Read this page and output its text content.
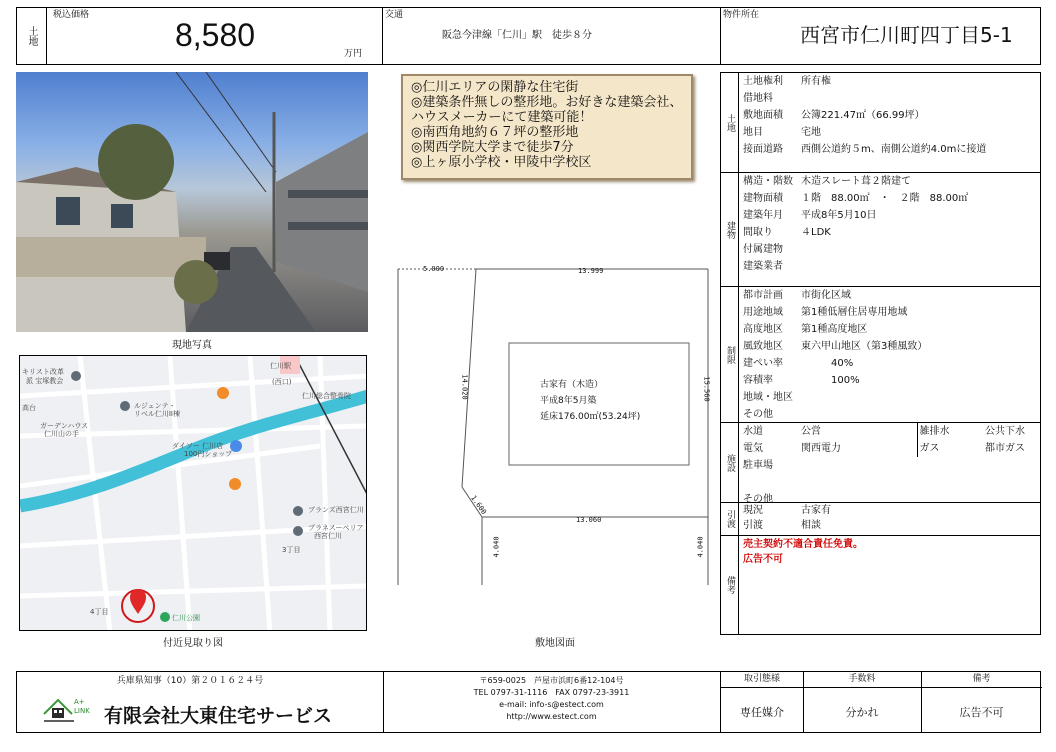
土地
税込価格
8,580
万円
交通
阪急今津線「仁川」駅　徒歩８分
物件所在
西宮市仁川町四丁目5-1
現地写真
キリスト改革
派 宝塚教会
ルジェンテ・
リベル仁川II棟
ガーデンハウス
仁川山の手
ダイソー 仁川店
100円ショップ
仁川駅
(西口)
仁川総合整骨院
ブランズ西宮仁川
プラネスーペリア
西宮仁川
高台
3丁目
4丁目
仁川公園
付近見取り図
◎仁川エリアの閑静な住宅街
◎建築条件無しの整形地。お好きな建築会社、
ハウスメーカーにて建築可能！
◎南西角地約６７坪の整形地
◎関西学院大学まで徒歩7分
◎上ヶ原小学校・甲陵中学校区
5.000	13.999
14.020	15.560
1.600
13.060
4.040	4.040
古家有（木造）
平成8年5月築
延床176.00㎡(53.24坪)
敷地図面
土地
土地権利	所有権
借地料	
敷地面積	公簿221.47㎡（66.99坪）
地目	宅地
接面道路	西側公道約５m、南側公道約4.0mに接道
建物
構造・階数	木造スレート葺２階建て
建物面積	１階　88.00㎡　・　２階　88.00㎡
建築年月	平成8年5月10日
間取り	４LDK
付属建物	
建築業者	
制限
都市計画	市街化区域
用途地域	第1種低層住居専用地域
高度地区	第1種高度地区
風致地区	東六甲山地区（第3種風致）
建ぺい率	　　　40%
容積率	　　　100%
地域・地区	
その他	
施設
水道	公営	雑排水	公共下水
電気	関西電力	ガス	都市ガス
駐車場			

その他			
引渡 現況	古家有
引渡	相談
備考
売主契約不適合責任免責。
広告不可
兵庫県知事（10）第２０１６２４号
A+ LINK 有限会社大東住宅サービス
〒659-0025　芦屋市浜町6番12-104号
TEL 0797-31-1116　FAX 0797-23-3911
e-mail: info-s@estect.com
http://www.estect.com
取引態様	手数料	備考
専任媒介	分かれ	広告不可
